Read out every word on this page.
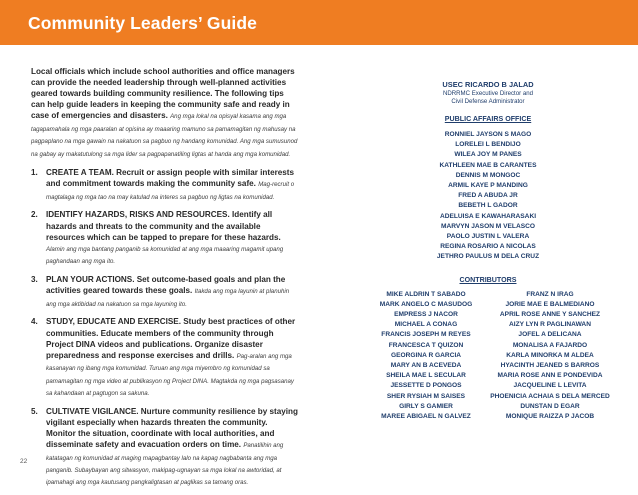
Community Leaders’ Guide
Local officials which include school authorities and office managers can provide the needed leadership through well-planned activities geared towards building community resilience. The following tips can help guide leaders in keeping the community safe and ready in case of emergencies and disasters. Ang mga lokal na opisyal kasama ang mga tagapamahala ng mga paaralan at opisina ay maaaring mamuno sa pamamagitan ng mahusay na pagpaplano na mga gawain na nakatuon sa pagbuo ng handang komunidad. Ang mga sumusunod na gabay ay makatutulong sa mga lider sa pagpapanatiling ligtas at handa ang mga komunidad.
1. CREATE A TEAM. Recruit or assign people with similar interests and commitment towards making the community safe. Mag-recruit o magtalaga ng mga tao na may katulad na interes sa pagbuo ng ligtas na komunidad.
2. IDENTIFY HAZARDS, RISKS AND RESOURCES. Identify all hazards and threats to the community and the available resources which can be tapped to prepare for these hazards. Alamin ang mga bantang panganib sa komunidad at ang mga maaaring magamit upang paghandaan ang mga ito.
3. PLAN YOUR ACTIONS. Set outcome-based goals and plan the activities geared towards these goals. Itakda ang mga layunin at planuhin ang mga aktibidad na nakatuon sa mga layuning ito.
4. STUDY, EDUCATE AND EXERCISE. Study best practices of other communities. Educate members of the community through Project DINA videos and publications. Organize disaster preparedness and response exercises and drills. Pag-aralan ang mga kasanayan ng ibang mga komunidad. Turuan ang mga miyembro ng komunidad sa pamamagitan ng mga video at publikasyon ng Project DINA. Magtakda ng mga pagsasanay sa kahandaan at pagtugon sa sakuna.
5. CULTIVATE VIGILANCE. Nurture community resilience by staying vigilant especially when hazards threaten the community. Monitor the situation, coordinate with local authorities, and disseminate safety and evacuation orders on time. Panatilihin ang katatagan ng komunidad at maging mapagbantay lalo na kapag nagbabanta ang mga panganib. Subaybayan ang sitwasyon, makipag-ugnayan sa mga lokal na awtoridad, at ipamahagi ang mga kautusang pangkaligtasan at paglikas sa tamang oras.
USEC RICARDO B JALAD
NDRRMC Executive Director and
Civil Defense Administrator
PUBLIC AFFAIRS OFFICE
RONNIEL JAYSON S MAGO
LORELEI L BENDIJO
WILEA JOY M PANES
KATHLEEN MAE B CARANTES
DENNIS M MONGOC
ARMIL KAYE P MANDING
FRED A ABUDA JR
BEBETH L GADOR
ADELUISA E KAWAHARASAKI
MARVYN JASON M VELASCO
PAOLO JUSTIN L VALERA
REGINA ROSARIO A NICOLAS
JETHRO PAULUS M DELA CRUZ
CONTRIBUTORS
MIKE ALDRIN T SABADO
MARK ANGELO C MASUDOG
EMPRESS J NACOR
MICHAEL A CONAG
FRANCIS JOSEPH M REYES
FRANCESCA T QUIZON
GEORGINA R GARCIA
MARY AN B ACEVEDA
SHEILA MAE L SECULAR
JESSETTE D PONGOS
SHER RYSIAH M SAISES
GIRLY S GAMIER
MAREE ABIGAEL N GALVEZ
FRANZ N IRAG
JORIE MAE E BALMEDIANO
APRIL ROSE ANNE Y SANCHEZ
AIZY LYN R PAGLINAWAN
JOFEL A DELICANA
MONALISA A FAJARDO
KARLA MINORKA M ALDEA
HYACINTH JEANED S BARROS
MARIA ROSE ANN E PONDEVIDA
JACQUELINE L LEVITA
PHOENICIA ACHAIA S DELA MERCED
DUNSTAN D EGAR
MONIQUE RAIZZA P JACOB
22
